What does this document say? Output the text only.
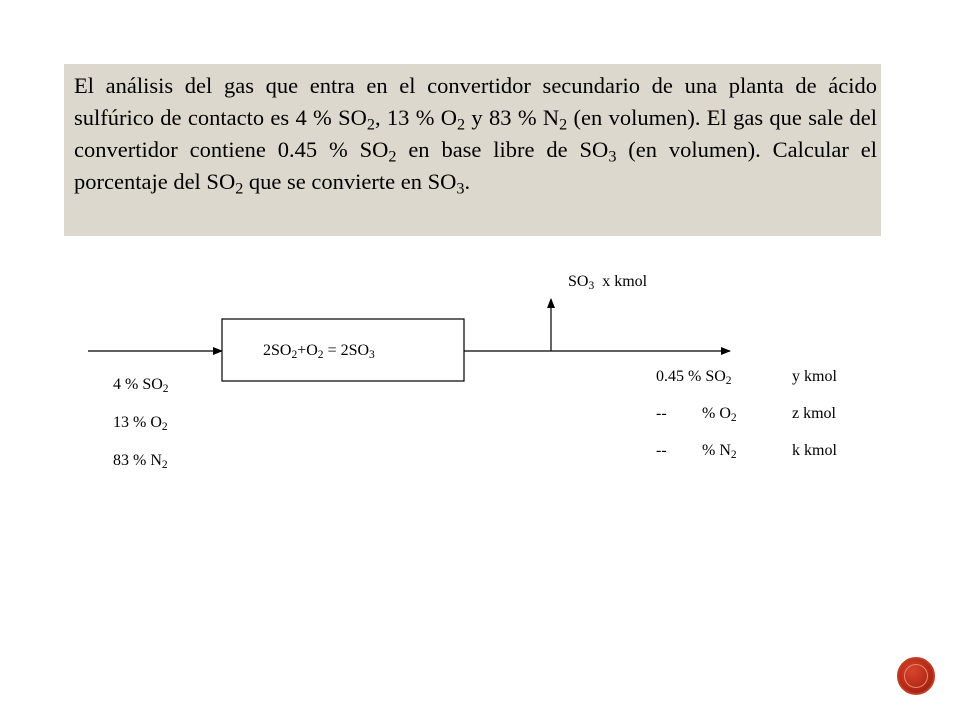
El análisis del gas que entra en el convertidor secundario de una planta de ácido sulfúrico de contacto es 4 % $SO_2$, 13 % $O_2$ y 83 % $N_2$ (en volumen). El gas que sale del convertidor contiene 0.45 % $SO_2$ en base libre de $SO_3$ (en volumen). Calcular el porcentaje del $SO_2$ que se convierte en $SO_3$.

$2SO_2+O_2 = 2SO_3$
$SO_3$ x kmol
4 % $SO_2$
13 % $O_2$
83 % $N_2$
0.45 % $SO_2$	y kmol
-- % $O_2$	z kmol
-- % $N_2$	k kmol
